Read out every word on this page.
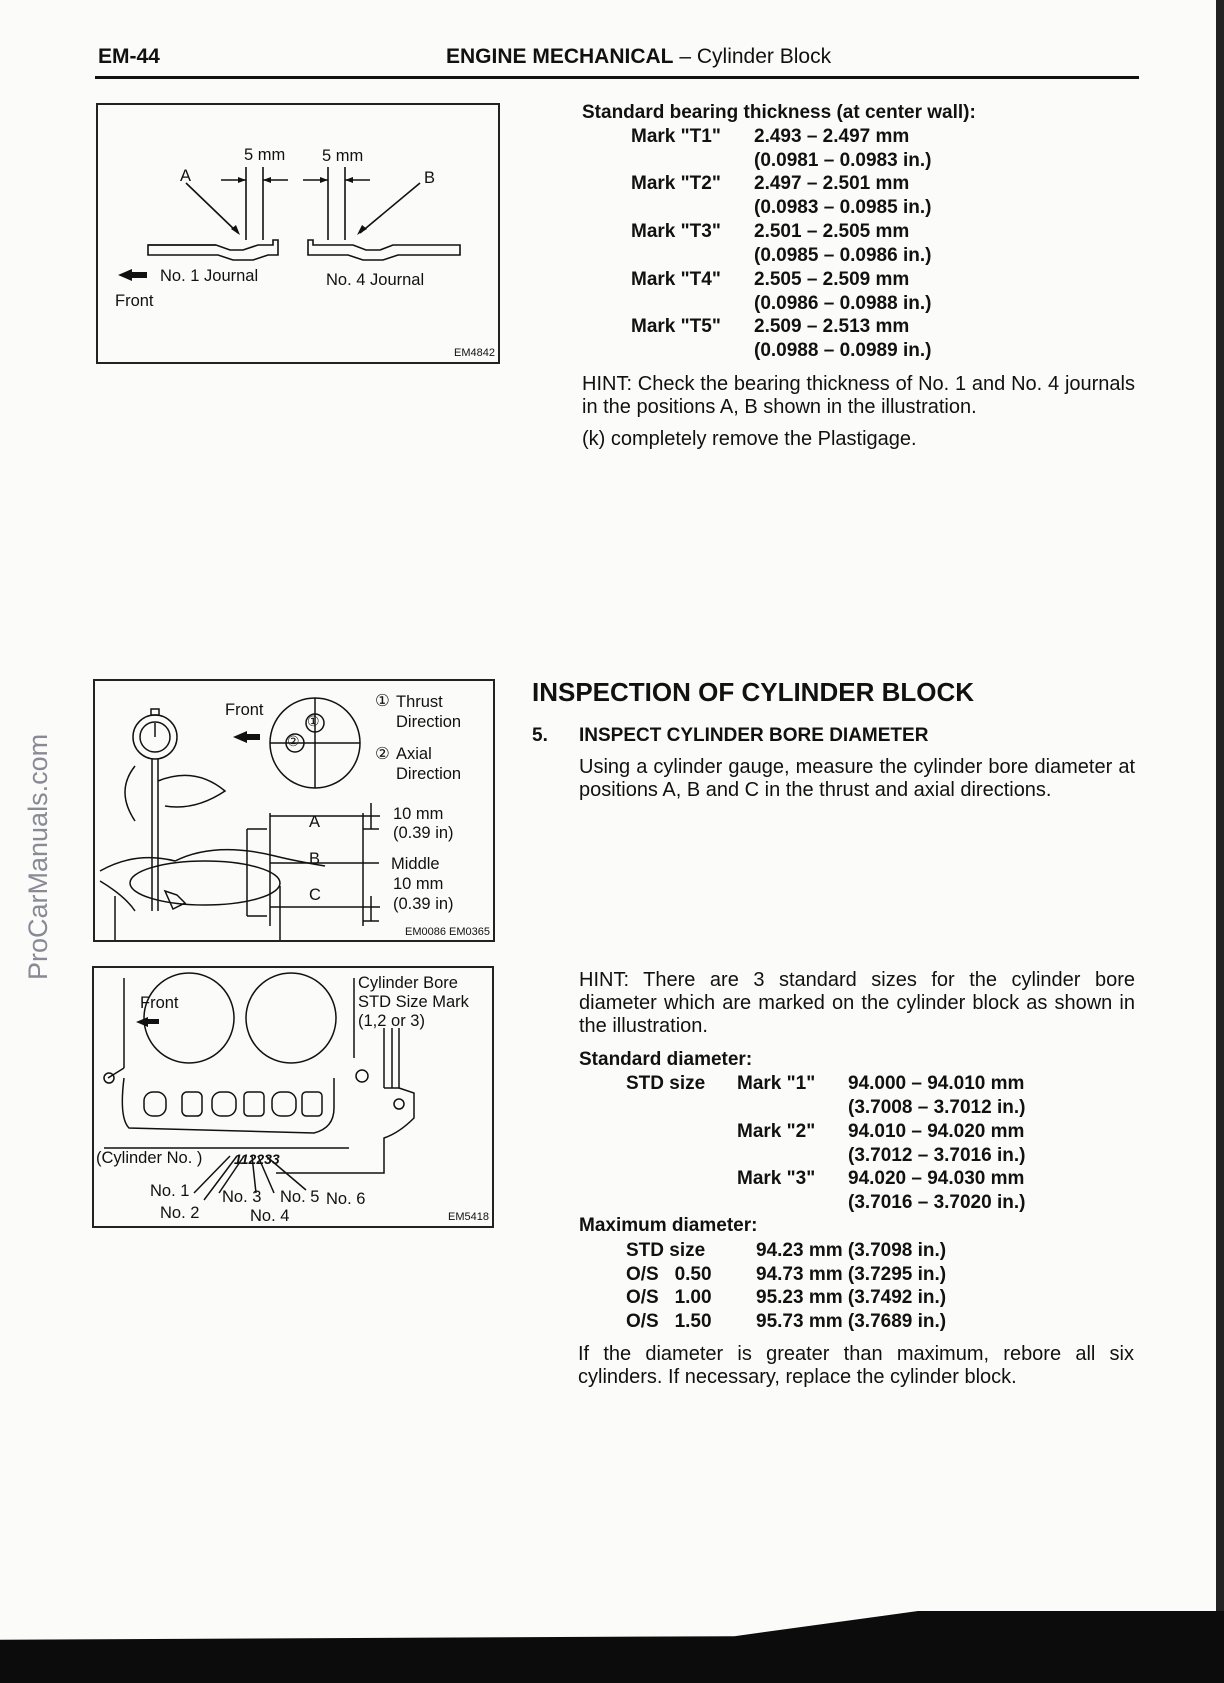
EM-44	ENGINE MECHANICAL – Cylinder Block
ProCarManuals.com
5 mm 5 mm
A	B
No. 1 Journal	No. 4 Journal
Front
EM4842
Standard bearing thickness (at center wall):
Mark "T1" 2.493 – 2.497 mm
(0.0981 – 0.0983 in.)
Mark "T2" 2.497 – 2.501 mm
(0.0983 – 0.0985 in.)
Mark "T3" 2.501 – 2.505 mm
(0.0985 – 0.0986 in.)
Mark "T4" 2.505 – 2.509 mm
(0.0986 – 0.0988 in.)
Mark "T5" 2.509 – 2.513 mm
(0.0988 – 0.0989 in.)
HINT: Check the bearing thickness of No. 1 and No. 4 journals in the positions A, B shown in the illustration.
(k) completely remove the Plastigage.
Front
①
②
① Thrust
Direction
② Axial
Direction
A
B
C
10 mm
(0.39 in)
Middle
10 mm
(0.39 in)
EM0086 EM0365
Front
Cylinder Bore
STD Size Mark
(1,2 or 3)
(Cylinder No. ) 112233
No. 1
No. 2
No. 3
No. 4
No. 5 No. 6
EM5418
INSPECTION OF CYLINDER BLOCK
5. INSPECT CYLINDER BORE DIAMETER
Using a cylinder gauge, measure the cylinder bore diameter at positions A, B and C in the thrust and axial directions.
HINT: There are 3 standard sizes for the cylinder bore diameter which are marked on the cylinder block as shown in the illustration.
Standard diameter:
STD size Mark "1" 94.000 – 94.010 mm
(3.7008 – 3.7012 in.)
Mark "2" 94.010 – 94.020 mm
(3.7012 – 3.7016 in.)
Mark "3" 94.020 – 94.030 mm
(3.7016 – 3.7020 in.)
Maximum diameter:
STD size	94.23 mm (3.7098 in.)
O/S   0.50 94.73 mm (3.7295 in.)
O/S   1.00 95.23 mm (3.7492 in.)
O/S   1.50 95.73 mm (3.7689 in.)
If the diameter is greater than maximum, rebore all six cylinders. If necessary, replace the cylinder block.
